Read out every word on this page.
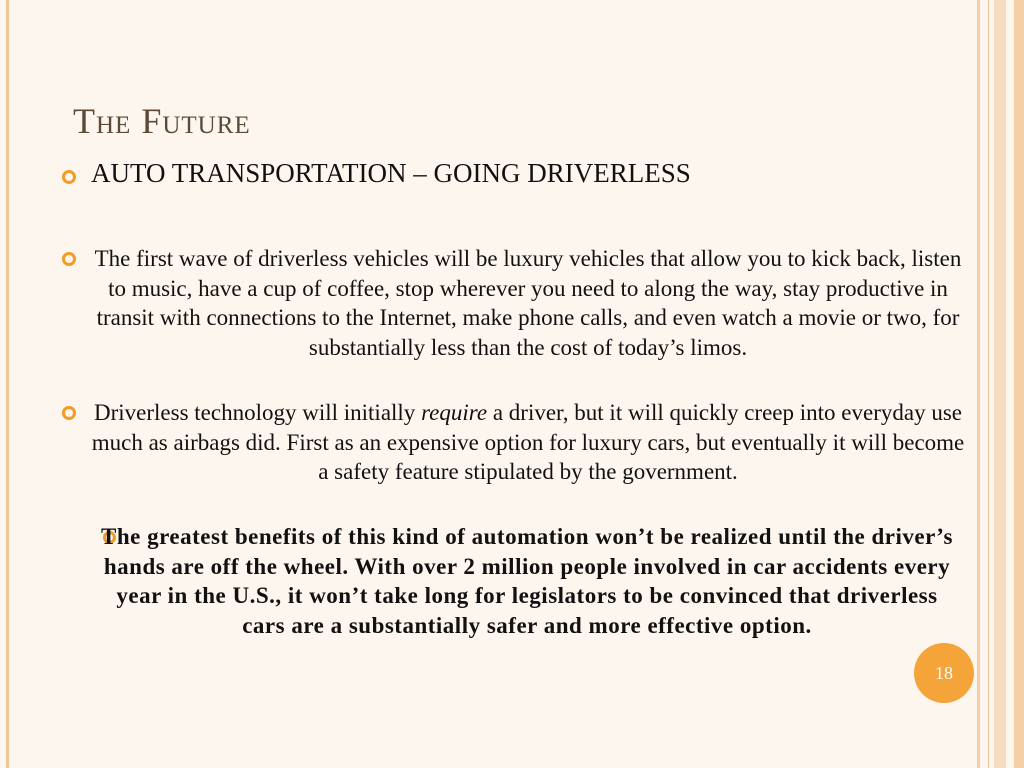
The Future

AUTO TRANSPORTATION – GOING DRIVERLESS

The first wave of driverless vehicles will be luxury vehicles that allow you to kick back, listen to music, have a cup of coffee, stop wherever you need to along the way, stay productive in transit with connections to the Internet, make phone calls, and even watch a movie or two, for substantially less than the cost of today’s limos.

Driverless technology will initially require a driver, but it will quickly creep into everyday use much as airbags did. First as an expensive option for luxury cars, but eventually it will become a safety feature stipulated by the government.

The greatest benefits of this kind of automation won’t be realized until the driver’s hands are off the wheel. With over 2 million people involved in car accidents every year in the U.S., it won’t take long for legislators to be convinced that driverless cars are a substantially safer and more effective option.

18
